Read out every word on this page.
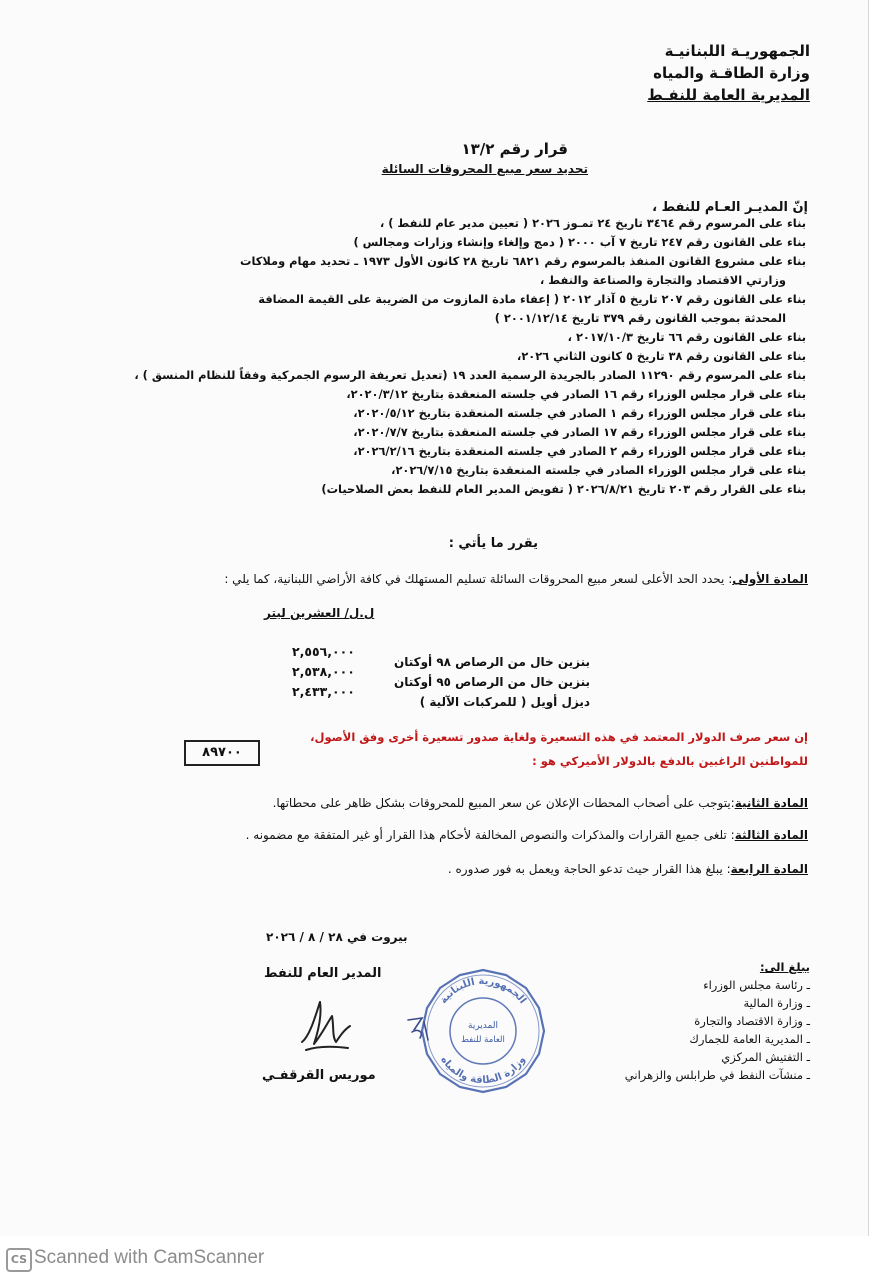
الجمهوريـة اللبنانيـة
وزارة الطاقـة والمياه
المديرية العامة للنفـط
قرار رقم ١٣/٢
تحديد سعر مبيع المحروقات السائلة
إنّ المديـر العـام للنفط ،
بناء على المرسوم رقم ٣٤٦٤ تاريخ ٢٤ تمـوز ٢٠٢٦ ( تعيين مدير عام للنفط ) ،
بناء على القانون رقم ٢٤٧ تاريخ ٧ آب ٢٠٠٠ ( دمج وإلغاء وإنشاء وزارات ومجالس )
بناء على مشروع القانون المنفذ بالمرسوم رقم ٦٨٢١ تاريخ ٢٨ كانون الأول ١٩٧٣ ـ تحديد مهام وملاكات
وزارتي الاقتصاد والتجارة والصناعة والنفط ،
بناء على القانون رقم ٢٠٧ تاريخ ٥ آذار ٢٠١٢ ( إعفاء مادة المازوت من الضريبة على القيمة المضافة
المحدثة بموجب القانون رقم ٣٧٩ تاريخ ٢٠٠١/١٢/١٤ )
بناء على القانون رقم ٦٦ تاريخ ٢٠١٧/١٠/٣ ،
بناء على القانون رقم ٣٨ تاريخ ٥ كانون الثاني ٢٠٢٦،
بناء على المرسوم رقم ١١٢٩٠ الصادر بالجريدة الرسمية العدد ١٩ (تعديل تعريفة الرسوم الجمركية وفقاً للنظام المنسق ) ،
بناء على قرار مجلس الوزراء رقم ١٦ الصادر في جلسته المنعقدة بتاريخ ٢٠٢٠/٣/١٢،
بناء على قرار مجلس الوزراء رقم ١ الصادر في جلسته المنعقدة بتاريخ ٢٠٢٠/٥/١٢،
بناء على قرار مجلس الوزراء رقم ١٧ الصادر في جلسته المنعقدة بتاريخ ٢٠٢٠/٧/٧،
بناء على قرار مجلس الوزراء رقم ٢ الصادر في جلسته المنعقدة بتاريخ ٢٠٢٦/٢/١٦،
بناء على قرار مجلس الوزراء الصادر في جلسته المنعقدة بتاريخ ٢٠٢٦/٧/١٥،
بناء على القرار رقم ٢٠٣ تاريخ ٢٠٢٦/٨/٢١ ( تفويض المدير العام للنفط بعض الصلاحيات)
يقرر ما يأتي :
المادة الأولى: يحدد الحد الأعلى لسعر مبيع المحروقات السائلة تسليم المستهلك في كافة الأراضي اللبنانية، كما يلي :
ل.ل/ العشرين ليتر
بنزين خال من الرصاص ٩٨ أوكتان
بنزين خال من الرصاص ٩٥ أوكتان
ديزل أويل ( للمركبات الآلية )
٢,٥٥٦,٠٠٠
٢,٥٣٨,٠٠٠
٢,٤٣٣,٠٠٠
إن سعر صرف الدولار المعتمد في هذه التسعيرة ولغاية صدور تسعيرة أخرى وفق الأصول،
للمواطنين الراغبين بالدفع بالدولار الأميركي هو :
٨٩٧٠٠
المادة الثانية:يتوجب على أصحاب المحطات الإعلان عن سعر المبيع للمحروقات بشكل ظاهر على محطاتها.
المادة الثالثة: تلغى جميع القرارات والمذكرات والنصوص المخالفة لأحكام هذا القرار أو غير المتفقة مع مضمونه .
المادة الرابعة: يبلغ هذا القرار حيث تدعو الحاجة ويعمل به فور صدوره .
بيروت في ٢٨ / ٨ / ٢٠٢٦
يبلغ الى:
ـ رئاسة مجلس الوزراء
ـ وزارة المالية
ـ وزارة الاقتصاد والتجارة
ـ المديرية العامة للجمارك
ـ التفتيش المركزي
ـ منشآت النفط في طرابلس والزهراني
الجمهورية اللبنانية
وزارة الطاقة والمياه
المديرية
العامة للنفط
المدير العام للنفط
موريس القرقفـي
CS Scanned with CamScanner
